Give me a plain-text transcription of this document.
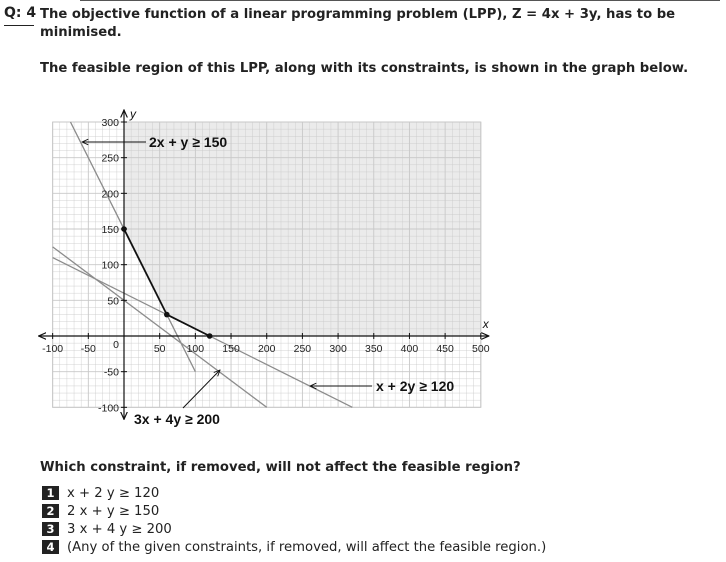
Q: 4 The objective function of a linear programming problem (LPP), Z = 4x + 3y, has to be minimised.
The feasible region of this LPP, along with its constraints, is shown in the graph below.
x
y
-100 -50	50 100 150 200 250 300 350 400 450 500
300
250
200
150
100
50
-50
-100
0
2x + y ≥ 150
x + 2y ≥ 120
3x + 4y ≥ 200
Which constraint, if removed, will not affect the feasible region?
1 x + 2 y ≥ 120
2 2 x + y ≥ 150
3 3 x + 4 y ≥ 200
4 (Any of the given constraints, if removed, will affect the feasible region.)
